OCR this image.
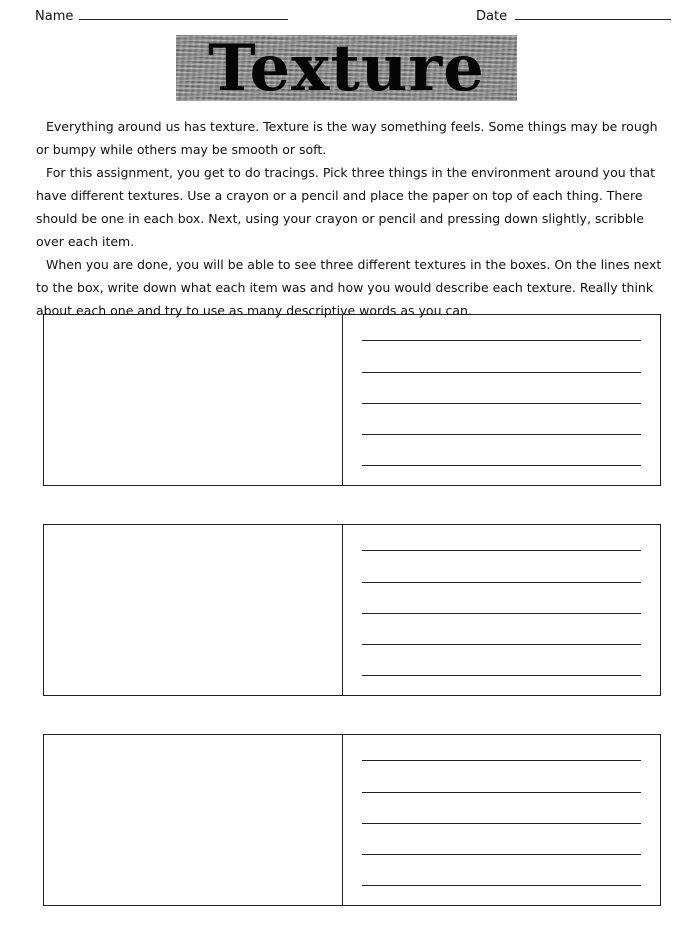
Name	Date
Texture

Everything around us has texture. Texture is the way something feels. Some things may be rough or bumpy while others may be smooth or soft.

For this assignment, you get to do tracings. Pick three things in the environment around you that have different textures. Use a crayon or a pencil and place the paper on top of each thing. There should be one in each box. Next, using your crayon or pencil and pressing down slightly, scribble over each item.

When you are done, you will be able to see three different textures in the boxes. On the lines next to the box, write down what each item was and how you would describe each texture. Really think about each one and try to use as many descriptive words as you can.
